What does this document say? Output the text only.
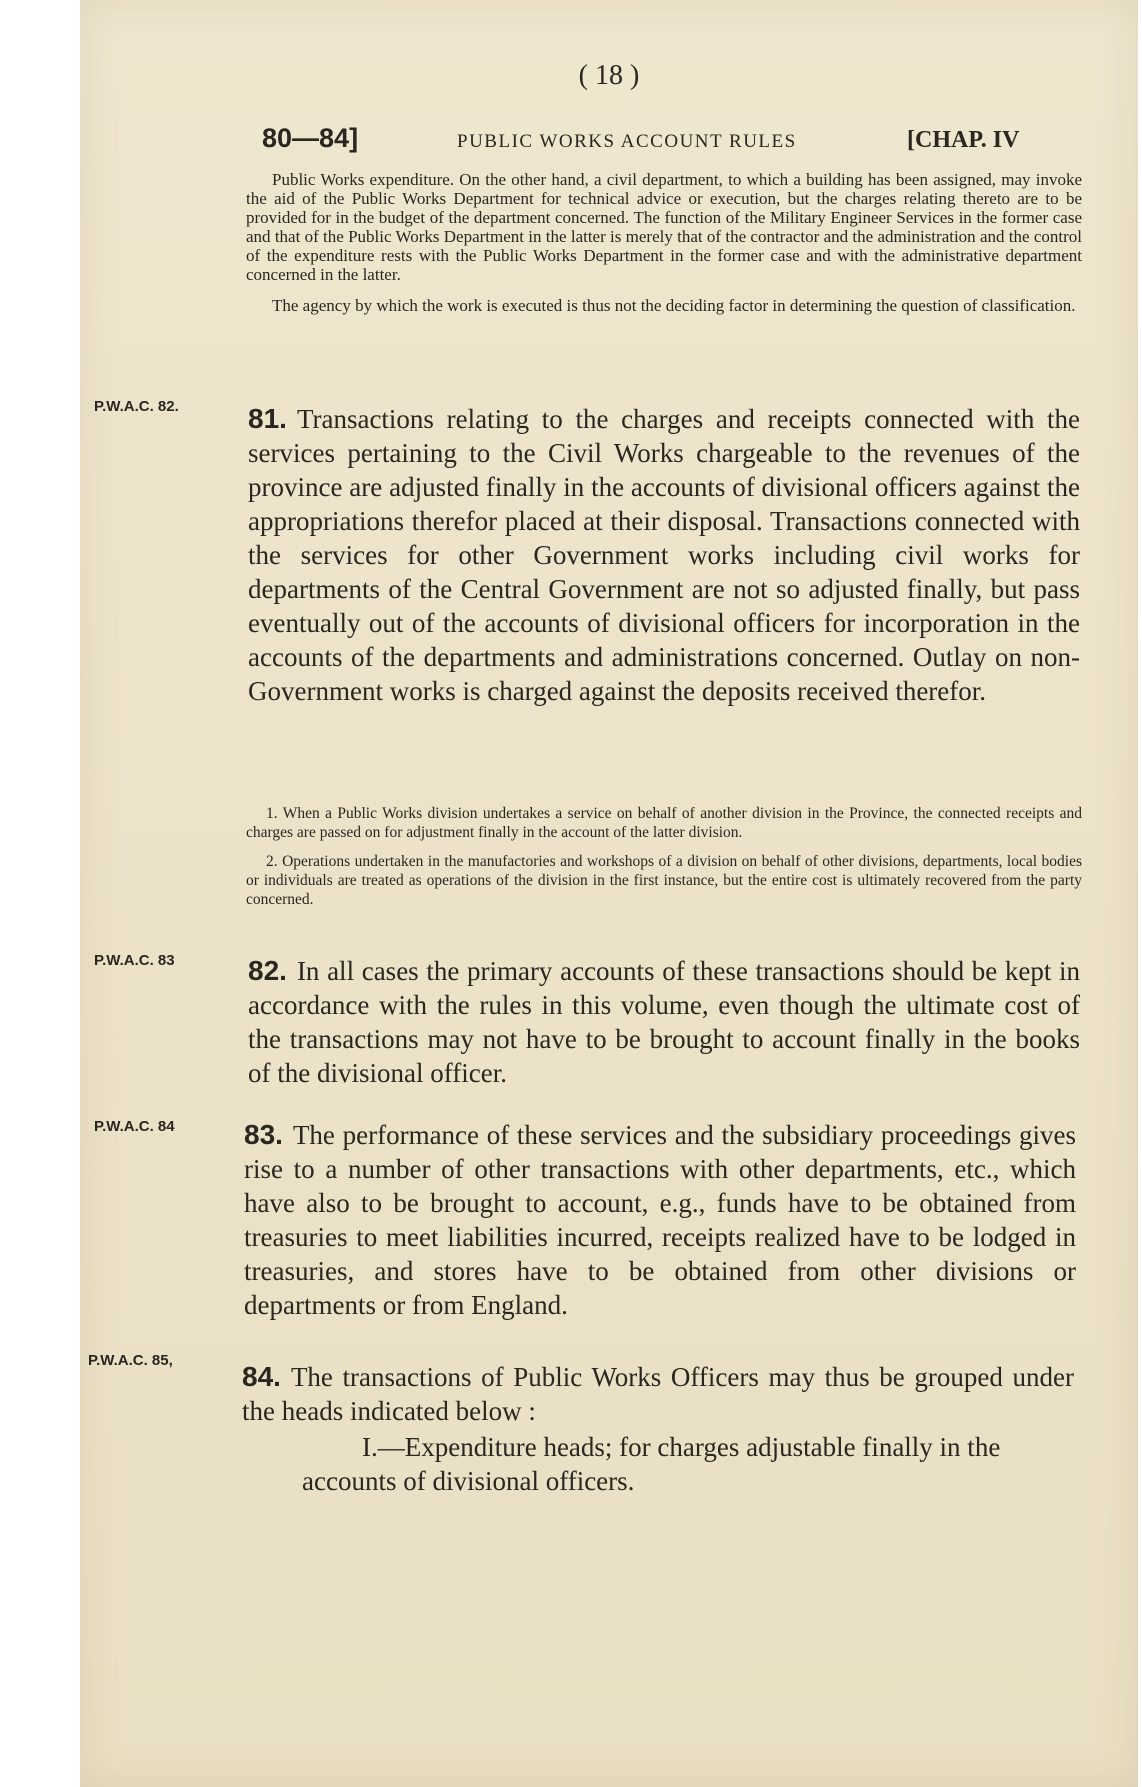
( 18 )
80—84]	PUBLIC WORKS ACCOUNT RULES	[CHAP. IV

Public Works expenditure. On the other hand, a civil department, to which a building has been assigned, may invoke the aid of the Public Works Department for technical advice or execution, but the charges relating thereto are to be provided for in the budget of the department concerned. The function of the Military Engineer Services in the former case and that of the Public Works Department in the latter is merely that of the contractor and the administration and the control of the expenditure rests with the Public Works Department in the former case and with the administrative department concerned in the latter.

The agency by which the work is executed is thus not the deciding factor in determining the question of classification.

P.W.A.C. 82. 81. Transactions relating to the charges and receipts connected with the services pertaining to the Civil Works chargeable to the revenues of the province are adjusted finally in the accounts of divisional officers against the appropriations therefor placed at their disposal. Transactions connected with the services for other Government works including civil works for departments of the Central Government are not so adjusted finally, but pass eventually out of the accounts of divisional officers for incorporation in the accounts of the departments and administrations concerned. Outlay on non-Government works is charged against the deposits received therefor.

1. When a Public Works division undertakes a service on behalf of another division in the Province, the connected receipts and charges are passed on for adjustment finally in the account of the latter division.

2. Operations undertaken in the manufactories and workshops of a division on behalf of other divisions, departments, local bodies or individuals are treated as operations of the division in the first instance, but the entire cost is ultimately recovered from the party concerned.

P.W.A.C. 83	82. In all cases the primary accounts of these transactions should be kept in accordance with the rules in this volume, even though the ultimate cost of the transactions may not have to be brought to account finally in the books of the divisional officer.
P.W.A.C. 84 83. The performance of these services and the subsidiary proceedings gives rise to a number of other transactions with other departments, etc., which have also to be brought to account, e.g., funds have to be obtained from treasuries to meet liabilities incurred, receipts realized have to be lodged in treasuries, and stores have to be obtained from other divisions or departments or from England.
P.W.A.C. 85,
84. The transactions of Public Works Officers may thus be grouped under the heads indicated below :
I.—Expenditure heads; for charges adjustable finally in the accounts of divisional officers.
